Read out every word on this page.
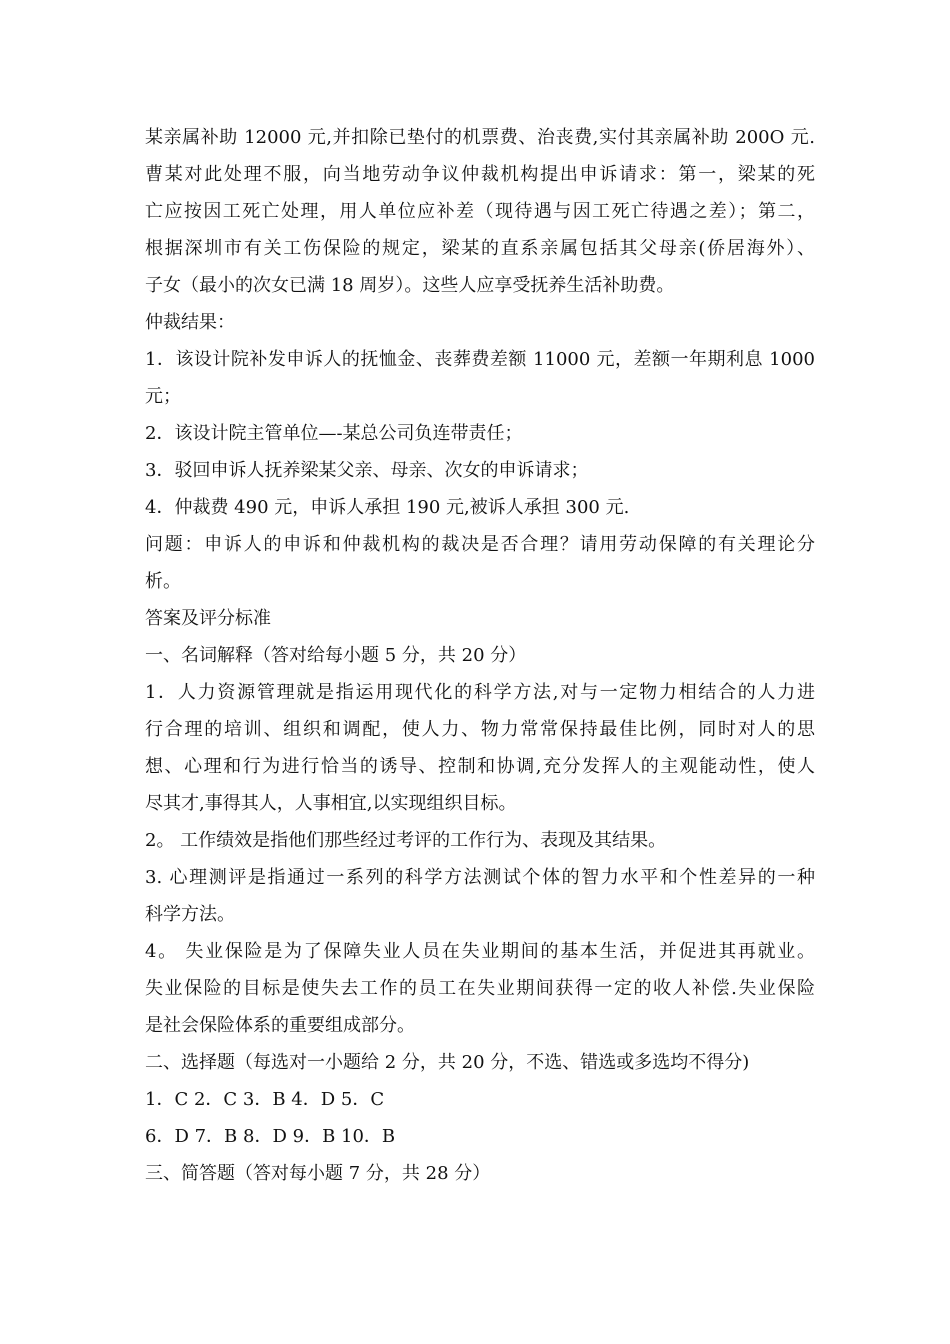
某亲属补助 12000 元,并扣除已垫付的机票费、治丧费,实付其亲属补助 200O 元.
曹某对此处理不服，向当地劳动争议仲裁机构提出申诉请求：第一，梁某的死
亡应按因工死亡处理，用人单位应补差（现待遇与因工死亡待遇之差）；第二，
根据深圳市有关工伤保险的规定，梁某的直系亲属包括其父母亲(侨居海外）、
子女（最小的次女已满 18 周岁）。这些人应享受抚养生活补助费。
仲裁结果：
1．该设计院补发申诉人的抚恤金、丧葬费差额 11000 元，差额一年期利息 1000
元；
2．该设计院主管单位—-某总公司负连带责任；
3．驳回申诉人抚养梁某父亲、母亲、次女的申诉请求；
4．仲裁费 490 元，申诉人承担 190 元,被诉人承担 300 元.
问题：申诉人的申诉和仲裁机构的裁决是否合理？请用劳动保障的有关理论分
析。
答案及评分标准
一、名词解释（答对给每小题 5 分，共 20 分）
1．人力资源管理就是指运用现代化的科学方法,对与一定物力相结合的人力进
行合理的培训、组织和调配，使人力、物力常常保持最佳比例，同时对人的思
想、心理和行为进行恰当的诱导、控制和协调,充分发挥人的主观能动性，使人
尽其才,事得其人，人事相宜,以实现组织目标。
2。 工作绩效是指他们那些经过考评的工作行为、表现及其结果。
3. 心理测评是指通过一系列的科学方法测试个体的智力水平和个性差异的一种
科学方法。
4。 失业保险是为了保障失业人员在失业期间的基本生活，并促进其再就业。
失业保险的目标是使失去工作的员工在失业期间获得一定的收人补偿.失业保险
是社会保险体系的重要组成部分。
二、选择题（每选对一小题给 2 分，共 20 分，不选、错选或多选均不得分)
1．C 2．C 3．B 4．D 5．C
6．D 7．B 8．D 9．B 10．B
三、简答题（答对每小题 7 分，共 28 分）
